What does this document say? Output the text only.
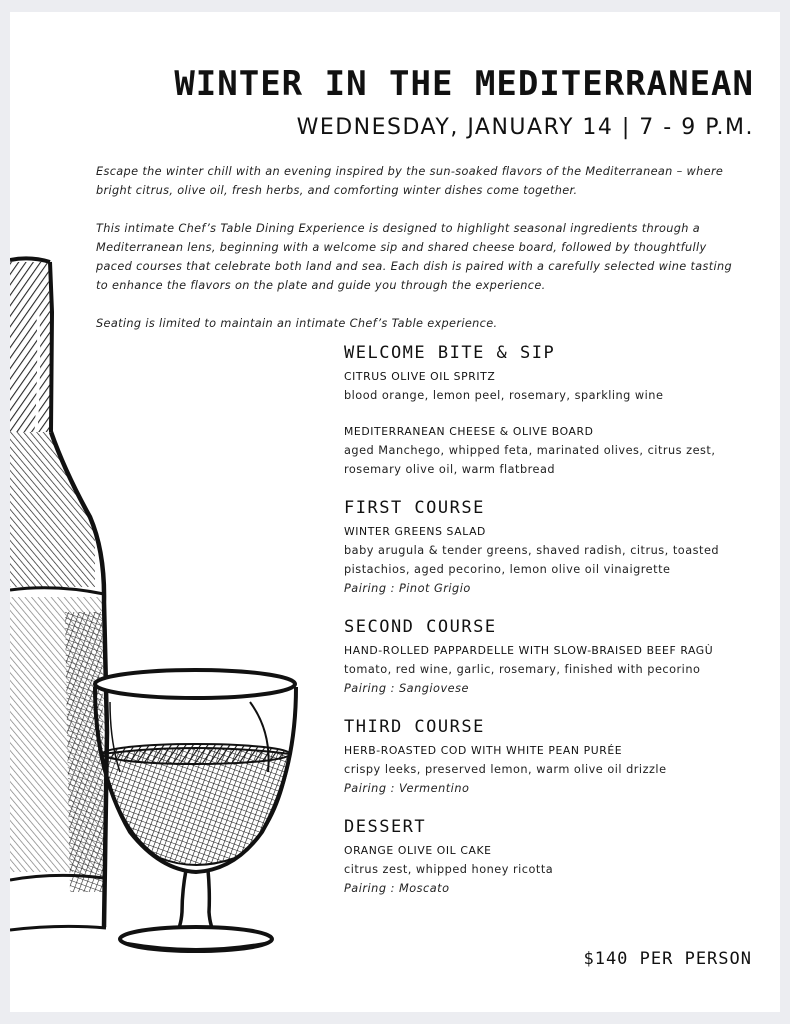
WINTER IN THE MEDITERRANEAN
WEDNESDAY, JANUARY 14 | 7 - 9 P.M.

Escape the winter chill with an evening inspired by the sun-soaked flavors of the Mediterranean – where bright citrus, olive oil, fresh herbs, and comforting winter dishes come together.

This intimate Chef’s Table Dining Experience is designed to highlight seasonal ingredients through a Mediterranean lens, beginning with a welcome sip and shared cheese board, followed by thoughtfully paced courses that celebrate both land and sea. Each dish is paired with a carefully selected wine tasting to enhance the flavors on the plate and guide you through the experience.

Seating is limited to maintain an intimate Chef’s Table experience.

WELCOME BITE & SIP
CITRUS OLIVE OIL SPRITZ
blood orange, lemon peel, rosemary, sparkling wine
MEDITERRANEAN CHEESE & OLIVE BOARD
aged Manchego, whipped feta, marinated olives, citrus zest, rosemary olive oil, warm flatbread
FIRST COURSE
WINTER GREENS SALAD
baby arugula & tender greens, shaved radish, citrus, toasted pistachios, aged pecorino, lemon olive oil vinaigrette
Pairing : Pinot Grigio
SECOND COURSE
HAND-ROLLED PAPPARDELLE WITH SLOW-BRAISED BEEF RAGÙ
tomato, red wine, garlic, rosemary, finished with pecorino
Pairing : Sangiovese
THIRD COURSE
HERB-ROASTED COD WITH WHITE PEAN PURÉE
crispy leeks, preserved lemon, warm olive oil drizzle
Pairing : Vermentino
DESSERT
ORANGE OLIVE OIL CAKE
citrus zest, whipped honey ricotta
Pairing : Moscato
$140 PER PERSON
